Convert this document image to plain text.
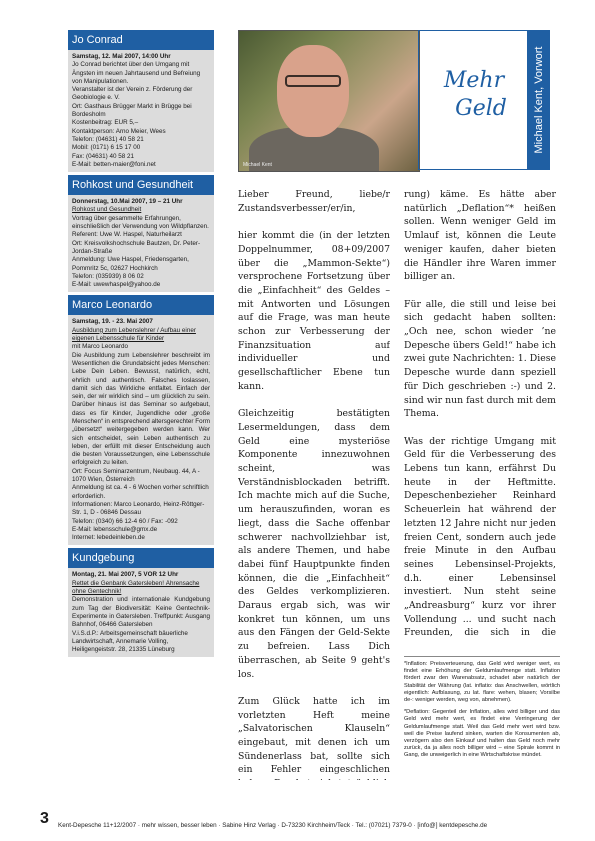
Jo Conrad
Samstag, 12. Mai 2007, 14:00 Uhr
Jo Conrad berichtet über den Umgang mit Ängsten im neuen Jahrtausend und Befreiung von Manipulationen.
Veranstalter ist der Verein z. Förderung der Geobiologie e. V.
Ort: Gasthaus Brügger Markt in Brügge bei Bordesholm
Kostenbeitrag: EUR 5,–
Kontaktperson: Arno Meier, Wees
Telefon: (04631) 40 58 21
Mobil: (0171) 6 15 17 00
Fax: (04631) 40 58 21
E-Mail: betten-maier@foni.net
Rohkost und Gesundheit
Donnerstag, 10.Mai 2007, 19 – 21 Uhr
Rohkost und Gesundheit
Vortrag über gesammelte Erfahrungen, einschließlich der Verwendung von Wildpflanzen.
Referent: Uwe W. Haspel, Naturheilarzt
Ort: Kreisvolkshochschule Bautzen, Dr. Peter-Jordan-Straße
Anmeldung: Uwe Haspel, Friedensgarten, Pommritz 5c, 02627 Hochkirch
Telefon: (035939) 8 06 02
E-Mail: uwewhaspel@yahoo.de
Marco Leonardo
Samstag, 19. - 23. Mai 2007
Ausbildung zum Lebenslehrer / Aufbau einer eigenen Lebensschule für Kinder
mit Marco Leonardo
Die Ausbildung zum Lebenslehrer beschreibt im Wesentlichen die Grundabsicht jedes Menschen: Lebe Dein Leben. Bewusst, natürlich, echt, ehrlich und authentisch. Falsches loslassen, damit sich das Wirkliche entfaltet. Einfach der sein, der wir wirklich sind – um glücklich zu sein. Darüber hinaus ist das Seminar so aufgebaut, dass es für Kinder, Jugendliche oder „große Menschen“ in entsprechend altersgerechter Form „übersetzt“ weitergegeben werden kann. Wer sich entscheidet, sein Leben authentisch zu leben, der erfüllt mit dieser Entscheidung auch die besten Voraussetzungen, eine Lebensschule erfolgreich zu leiten.
Ort: Focus Seminarzentrum, Neubaug. 44, A - 1070 Wien, Österreich
Anmeldung ist ca. 4 - 6 Wochen vorher schriftlich erforderlich.
Informationen: Marco Leonardo, Heinz-Röttger-Str. 1, D - 06846 Dessau
Telefon: (0340) 66 12-4 60 / Fax: -092
E-Mail: lebensschule@gmx.de
Internet: lebedeinleben.de
Kundgebung
Montag, 21. Mai 2007, 5 VOR 12 Uhr
Rettet die Genbank Gatersleben! Ährensache ohne Gentechnik!
Demonstration und internationale Kundgebung zum Tag der Biodiversität: Keine Gentechnik-Experimente in Gatersleben. Treffpunkt: Ausgang Bahnhof, 06466 Gatersleben
V.i.S.d.P.: Arbeitsgemeinschaft bäuerliche Landwirtschaft, Annemarie Volling, Heiligengeiststr. 28, 21335 Lüneburg
Michael Kent
Mehr
Geld	Michael Kent, Vorwort

Lieber Freund, liebe/r Zustandsverbesser/er/in,

hier kommt die (in der letzten Doppelnummer, 08+09/2007 über die „Mammon-Sekte“) versprochene Fortsetzung über die „Einfachheit“ des Geldes – mit Antworten und Lösungen auf die Frage, was man heute schon zur Verbesserung der Finanzsituation auf individueller und gesellschaftlicher Ebene tun kann.

Gleichzeitig bestätigten Lesermeldungen, dass dem Geld eine mysteriöse Komponente innezuwohnen scheint, was Verständnisblockaden betrifft. Ich machte mich auf die Suche, um herauszufinden, woran es liegt, dass die Sache offenbar schwerer nachvollziehbar ist, als andere Themen, und habe dabei fünf Hauptpunkte finden können, die die „Einfachheit“ des Geldes verkomplizieren. Daraus ergab sich, was wir konkret tun können, um uns aus den Fängen der Geld-Sekte zu befreien. Lass Dich überraschen, ab Seite 9 geht's los.

Zum Glück hatte ich im vorletzten Heft meine „Salvatorischen Klauseln“ eingebaut, mit denen ich um Sündenerlass bat, sollte sich ein Fehler eingeschlichen

rung) käme. Es hätte aber natürlich „Deflation“* heißen sollen. Wenn weniger Geld im Umlauf ist, können die Leute weniger kaufen, daher bieten die Händler ihre Waren immer billiger an.

Für alle, die still und leise bei sich gedacht haben sollten: „Och nee, schon wieder ’ne Depesche übers Geld!“ habe ich zwei gute Nachrichten: 1. Diese Depesche wurde dann speziell für Dich geschrieben :-) und 2. sind wir nun fast durch mit dem Thema.

Was der richtige Umgang mit Geld für die Verbesserung des Lebens tun kann, erfährst Du heute in der Heftmitte. Depeschenbezieher Reinhard Scheuerlein hat während der letzten 12 Jahre nicht nur jeden freien Cent, sondern auch jede freie Minute in den Aufbau seines Lebensinsel-Projekts, d.h. einer Lebensinsel investiert. Nun steht seine „Andreasburg“ kurz vor ihrer Vollendung ... und sucht nach Freunden, die sich in die

*Inflation: Preisverteuerung, das Geld wird weniger wert, es findet eine Erhöhung der Geldumlaufmenge statt. Inflation fördert zwar den Warenabsatz, schadet aber natürlich der Stabilität der Währung (lat. inflatio: das Anschwellen, wörtlich eigentlich: Aufblasung, zu lat. flare: wehen, blasen; Vorsilbe de-: weniger werden, weg von, abnehmen).

*Deflation: Gegenteil der Inflation, alles wird billiger und das Geld wird mehr wert, es findet eine Verringerung der Geldumlaufmenge statt. Weil das Geld mehr wert wird bzw. weil die Preise laufend sinken, warten die Konsumenten ab, verzögern also den Einkauf und halten das Geld noch mehr zurück, da ja alles noch billiger wird – eine Spirale kommt in Gang, die unweigerlich in eine Wirtschaftskrise mündet.

3 Kent-Depesche 11+12/2007 · mehr wissen, besser leben · Sabine Hinz Verlag · D-73230 Kirchheim/Teck · Tel.: (07021) 7379-0 · [info@] kentdepesche.de
